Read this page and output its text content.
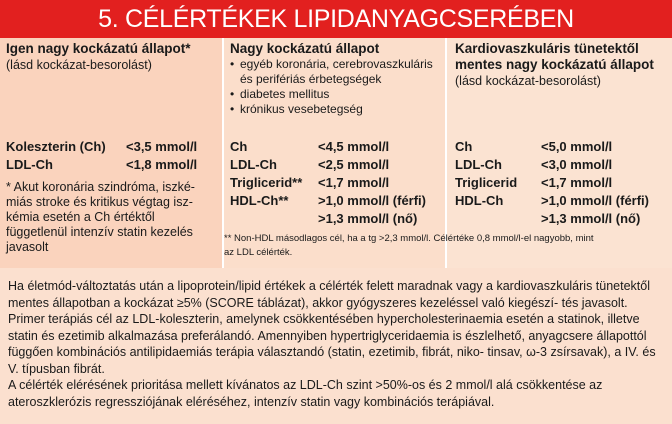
5. CÉLÉRTÉKEK LIPIDANYAGCSERÉBEN
Igen nagy kockázatú állapot*
(lásd kockázat-besorolást)
Koleszterin (Ch) <3,5 mmol/l
LDL-Ch	<1,8 mmol/l
* Akut koronária szindróma, iszké-
miás stroke és kritikus végtag isz-
kémia esetén a Ch értéktől
függetlenül intenzív statin kezelés
javasolt
Nagy kockázatú állapot
• egyéb koronária, cerebrovaszkuláris
és perifériás érbetegségek
• diabetes mellitus
• krónikus vesebetegség
Ch	<4,5 mmol/l
LDL-Ch	<2,5 mmol/l
Triglicerid** <1,7 mmol/l
HDL-Ch** >1,0 mmol/l (férfi)
>1,3 mmol/l (nő)
Kardiovaszkuláris tünetektől
mentes nagy kockázatú állapot
(lásd kockázat-besorolást)
Ch	<5,0 mmol/l
LDL-Ch	<3,0 mmol/l
Triglicerid <1,7 mmol/l
HDL-Ch	>1,0 mmol/l (férfi)
>1,3 mmol/l (nő)
** Non-HDL másodlagos cél, ha a tg >2,3 mmol/l. Célértéke 0,8 mmol/l-el nagyobb, mint
az LDL célérték.

Ha életmód-változtatás után a lipoprotein/lipid értékek a célérték felett maradnak vagy a kardiovaszkuláris tünetektől mentes állapotban a kockázat ≥5% (SCORE táblázat), akkor gyógyszeres kezeléssel való kiegészí- tés javasolt. Primer terápiás cél az LDL-koleszterin, amelynek csökkentésében hypercholesterinaemia esetén a statinok, illetve statin és ezetimib alkalmazása preferálandó. Amennyiben hypertriglyceridaemia is észlelhető, anyagcsere állapottól függően kombinációs antilipidaemiás terápia választandó (statin, ezetimib, fibrát, niko- tinsav, ω-3 zsírsavak), a IV. és V. típusban fibrát.

A célérték elérésének prioritása mellett kívánatos az LDL-Ch szint >50%-os és 2 mmol/l alá csökkentése az ateroszklerózis regressziójának eléréséhez, intenzív statin vagy kombinációs terápiával.
